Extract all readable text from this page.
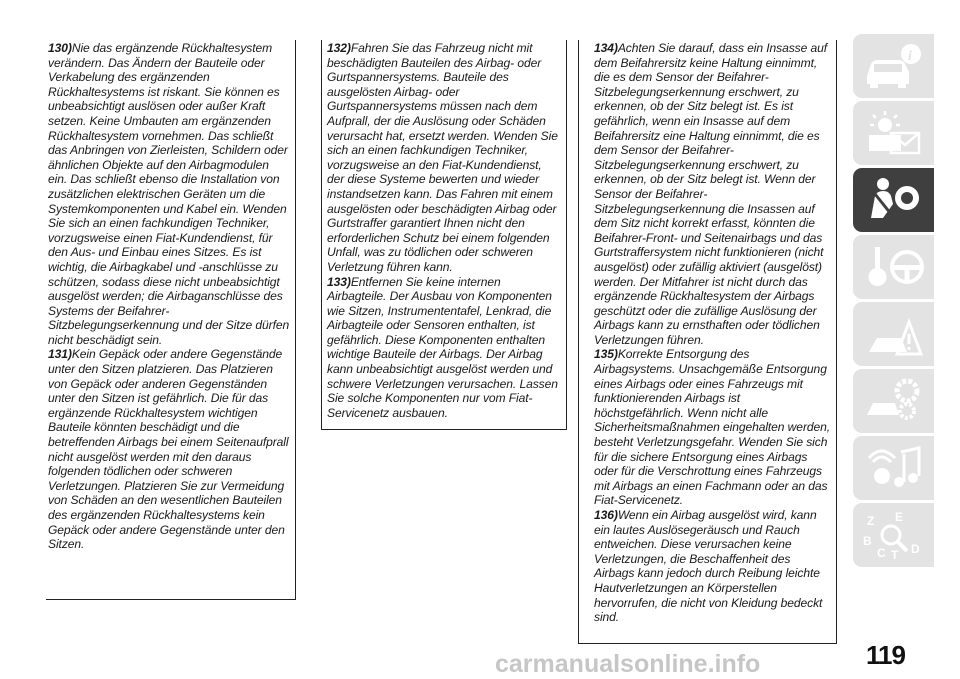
130)Nie das ergänzende Rückhaltesystem verändern. Das Ändern der Bauteile oder Verkabelung des ergänzenden Rückhaltesystems ist riskant. Sie können es unbeabsichtigt auslösen oder außer Kraft setzen. Keine Umbauten am ergänzenden Rückhaltesystem vornehmen. Das schließt das Anbringen von Zierleisten, Schildern oder ähnlichen Objekte auf den Airbagmodulen ein. Das schließt ebenso die Installation von zusätzlichen elektrischen Geräten um die Systemkomponenten und Kabel ein. Wenden Sie sich an einen fachkundigen Techniker, vorzugsweise einen Fiat-Kundendienst, für den Aus- und Einbau eines Sitzes. Es ist wichtig, die Airbagkabel und -anschlüsse zu schützen, sodass diese nicht unbeabsichtigt ausgelöst werden; die Airbaganschlüsse des Systems der Beifahrer-Sitzbelegungserkennung und der Sitze dürfen nicht beschädigt sein.

131)Kein Gepäck oder andere Gegenstände unter den Sitzen platzieren. Das Platzieren von Gepäck oder anderen Gegenständen unter den Sitzen ist gefährlich. Die für das ergänzende Rückhaltesystem wichtigen Bauteile könnten beschädigt und die betreffenden Airbags bei einem Seitenaufprall nicht ausgelöst werden mit den daraus folgenden tödlichen oder schweren Verletzungen. Platzieren Sie zur Vermeidung von Schäden an den wesentlichen Bauteilen des ergänzenden Rückhaltesystems kein Gepäck oder andere Gegenstände unter den Sitzen.

132)Fahren Sie das Fahrzeug nicht mit beschädigten Bauteilen des Airbag- oder Gurtspannersystems. Bauteile des ausgelösten Airbag- oder Gurtspannersystems müssen nach dem Aufprall, der die Auslösung oder Schäden verursacht hat, ersetzt werden. Wenden Sie sich an einen fachkundigen Techniker, vorzugsweise an den Fiat-Kundendienst, der diese Systeme bewerten und wieder instandsetzen kann. Das Fahren mit einem ausgelösten oder beschädigten Airbag oder Gurtstraffer garantiert Ihnen nicht den erforderlichen Schutz bei einem folgenden Unfall, was zu tödlichen oder schweren Verletzung führen kann.

133)Entfernen Sie keine internen Airbagteile. Der Ausbau von Komponenten wie Sitzen, Instrumententafel, Lenkrad, die Airbagteile oder Sensoren enthalten, ist gefährlich. Diese Komponenten enthalten wichtige Bauteile der Airbags. Der Airbag kann unbeabsichtigt ausgelöst werden und schwere Verletzungen verursachen. Lassen Sie solche Komponenten nur vom Fiat-Servicenetz ausbauen.

134)Achten Sie darauf, dass ein Insasse auf dem Beifahrersitz keine Haltung einnimmt, die es dem Sensor der Beifahrer-Sitzbelegungserkennung erschwert, zu erkennen, ob der Sitz belegt ist. Es ist gefährlich, wenn ein Insasse auf dem Beifahrersitz eine Haltung einnimmt, die es dem Sensor der Beifahrer-Sitzbelegungserkennung erschwert, zu erkennen, ob der Sitz belegt ist. Wenn der Sensor der Beifahrer-Sitzbelegungserkennung die Insassen auf dem Sitz nicht korrekt erfasst, könnten die Beifahrer-Front- und Seitenairbags und das Gurtstraffersystem nicht funktionieren (nicht ausgelöst) oder zufällig aktiviert (ausgelöst) werden. Der Mitfahrer ist nicht durch das ergänzende Rückhaltesystem der Airbags geschützt oder die zufällige Auslösung der Airbags kann zu ernsthaften oder tödlichen Verletzungen führen.

135)Korrekte Entsorgung des Airbagsystems. Unsachgemäße Entsorgung eines Airbags oder eines Fahrzeugs mit funktionierenden Airbags ist höchstgefährlich. Wenn nicht alle Sicherheitsmaßnahmen eingehalten werden, besteht Verletzungsgefahr. Wenden Sie sich für die sichere Entsorgung eines Airbags oder für die Verschrottung eines Fahrzeugs mit Airbags an einen Fachmann oder an das Fiat-Servicenetz.

136)Wenn ein Airbag ausgelöst wird, kann ein lautes Auslösegeräusch und Rauch entweichen. Diese verursachen keine Verletzungen, die Beschaffenheit des Airbags kann jedoch durch Reibung leichte Hautverletzungen an Körperstellen hervorrufen, die nicht von Kleidung bedeckt sind.

i
Z E
B
C T D
119
carmanualsonline.info
